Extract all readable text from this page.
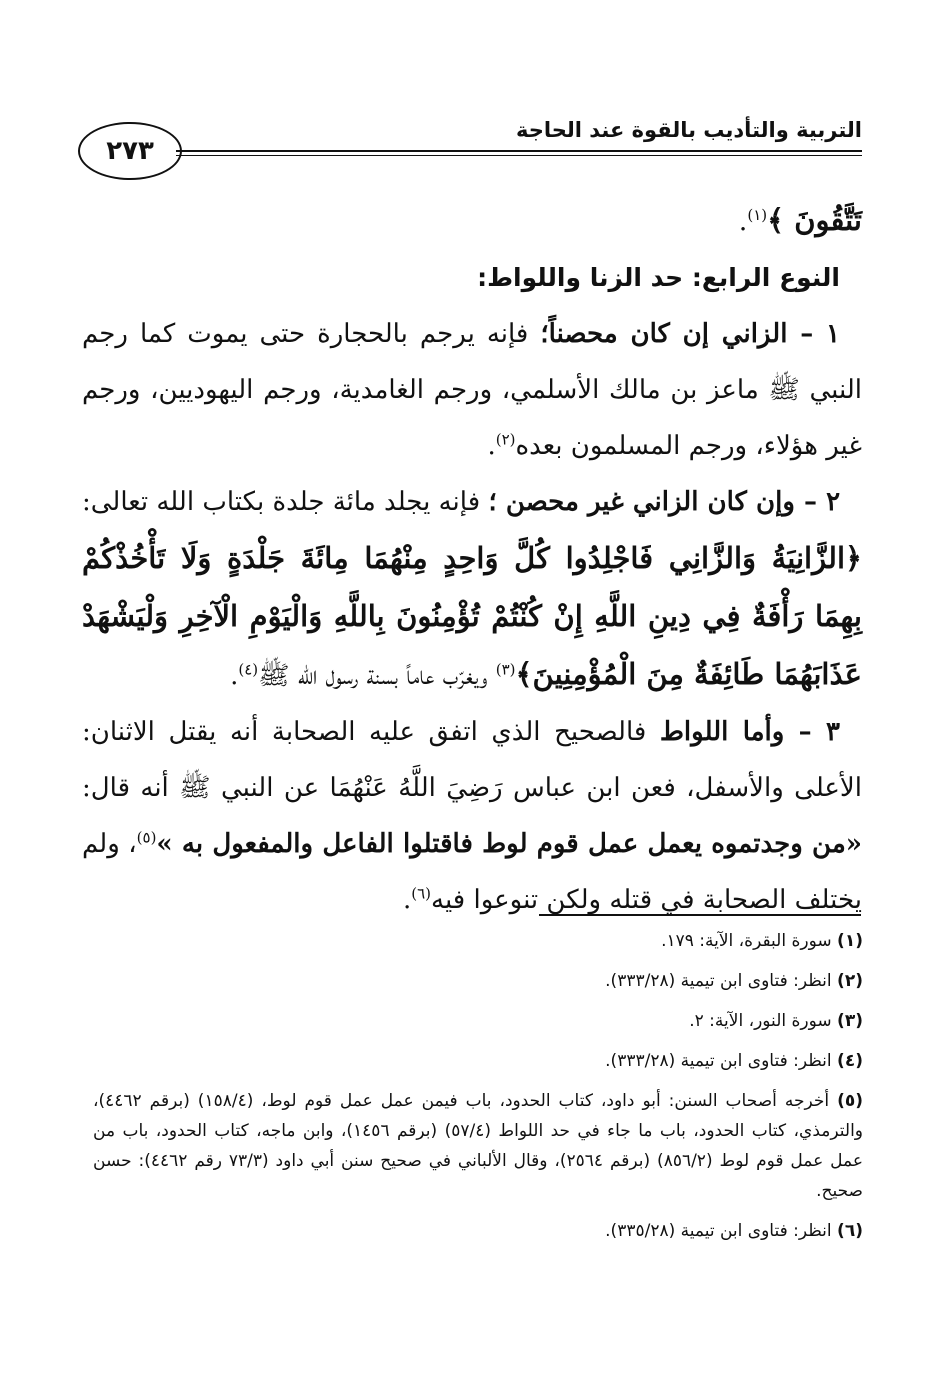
التربية والتأديب بالقوة عند الحاجة
٢٧٣
تَتَّقُونَ ﴾$^{(١)}$.
النوع الرابع: حد الزنا واللواط:

١ – الزاني إن كان محصناً؛ فإنه يرجم بالحجارة حتى يموت كما رجم النبي ﷺ ماعز بن مالك الأسلمي، ورجم الغامدية، ورجم اليهوديين، ورجم غير هؤلاء، ورجم المسلمون بعده$^{(٢)}$.

٢ – وإن كان الزاني غير محصن ؛ فإنه يجلد مائة جلدة بكتاب الله تعالى:﴿الزَّانِيَةُ وَالزَّانِي فَاجْلِدُوا كُلَّ وَاحِدٍ مِنْهُمَا مِائَةَ جَلْدَةٍ وَلَا تَأْخُذْكُمْ بِهِمَا رَأْفَةٌ فِي دِينِ اللَّهِ إِنْ كُنْتُمْ تُؤْمِنُونَ بِاللَّهِ وَالْيَوْمِ الْآخِرِ وَلْيَشْهَدْ عَذَابَهُمَا طَائِفَةٌ مِنَ الْمُؤْمِنِينَ﴾$^{(٣)}$ ويغرّب عاماً بسنة رسول الله ﷺ$^{(٤)}$.

٣ – وأما اللواط فالصحيح الذي اتفق عليه الصحابة أنه يقتل الاثنان: الأعلى والأسفل، فعن ابن عباس رَضِيَ اللَّهُ عَنْهُمَا عن النبي ﷺ أنه قال: «من وجدتموه يعمل عمل قوم لوط فاقتلوا الفاعل والمفعول به »$^{(٥)}$، ولم يختلف الصحابة في قتله ولكن تنوعوا فيه$^{(٦)}$.

(١) سورة البقرة، الآية: ١٧٩.
(٢) انظر: فتاوى ابن تيمية (٣٣٣/٢٨).
(٣) سورة النور، الآية: ٢.
(٤) انظر: فتاوى ابن تيمية (٣٣٣/٢٨).
(٥) أخرجه أصحاب السنن: أبو داود، كتاب الحدود، باب فيمن عمل عمل قوم لوط، (١٥٨/٤) (برقم ٤٤٦٢)، والترمذي، كتاب الحدود، باب ما جاء في حد اللواط (٥٧/٤) (برقم ١٤٥٦)، وابن ماجه، كتاب الحدود، باب من عمل عمل قوم لوط (٨٥٦/٢) (برقم ٢٥٦٤)، وقال الألباني في صحيح سنن أبي داود (٧٣/٣ رقم ٤٤٦٢): حسن صحيح.
(٦) انظر: فتاوى ابن تيمية (٣٣٥/٢٨).
